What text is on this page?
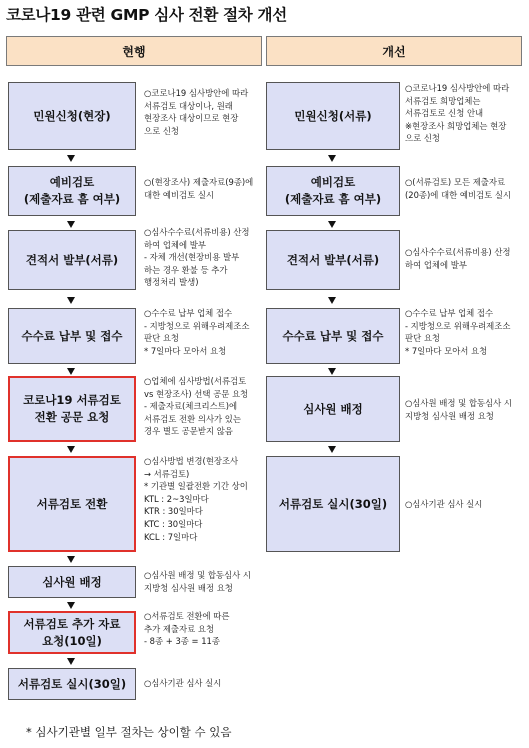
코로나19 관련 GMP 심사 전환 절차 개선
현행	개선
민원신청(현장)
○코로나19 심사방안에 따라
서류검토 대상이나, 원래
현장조사 대상이므로 현장
으로 신청
예비검토
(제출자료 흠 여부)
○(현장조사) 제출자료(9종)에
대한 예비검토 실시
견적서 발부(서류)
○심사수수료(서류비용) 산정
하여 업체에 발부
- 자체 개선(현장비용 발부
하는 경우 환불 등 추가
행정처리 발생)
수수료 납부 및 접수
○수수료 납부 업체 접수
- 지방청으로 위해우려제조소
판단 요청
* 7일마다 모아서 요청
코로나19 서류검토
전환 공문 요청
○업체에 심사방법(서류검토
vs 현장조사) 선택 공문 요청
- 제출자료(체크리스트)에
서류검토 전환 의사가 있는
경우 별도 공문받지 않음
서류검토 전환
○심사방법 변경(현장조사
→ 서류검토)
* 기관별 일괄전환 기간 상이
KTL : 2~3일마다
KTR : 30일마다
KTC : 30일마다
KCL : 7일마다
심사원 배정	○심사원 배정 및 합동심사 시
지방청 심사원 배정 요청
서류검토 추가 자료
요청(10일)
○서류검토 전환에 따른
추가 제출자료 요청
- 8종 + 3종 = 11종
서류검토 실시(30일) ○심사기관 심사 실시
민원신청(서류)
○코로나19 심사방안에 따라
서류검토 희망업체는
서류검토로 신청 안내
※현장조사 희망업체는 현장
으로 신청
예비검토
(제출자료 흠 여부)
○(서류검토) 모든 제출자료
(20종)에 대한 예비검토 실시
견적서 발부(서류)
○심사수수료(서류비용) 산정
하여 업체에 발부
수수료 납부 및 접수
○수수료 납부 업체 접수
- 지방청으로 위해우려제조소
판단 요청
* 7일마다 모아서 요청
심사원 배정	○심사원 배정 및 합동심사 시
지방청 심사원 배정 요청
서류검토 실시(30일) ○심사기관 심사 실시
* 심사기관별 일부 절차는 상이할 수 있음
